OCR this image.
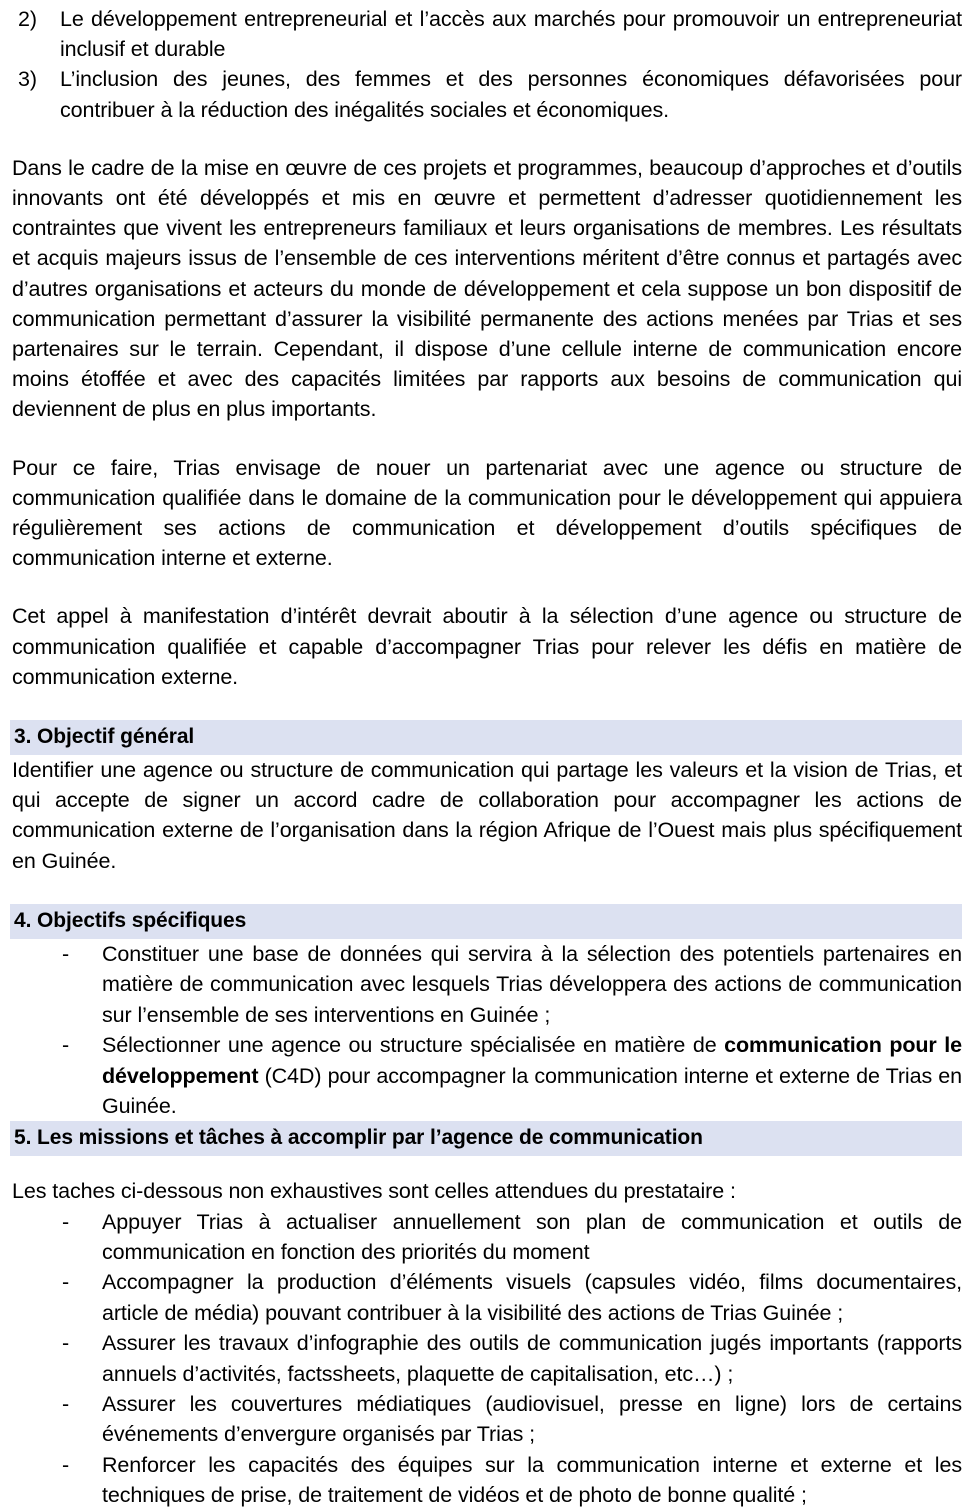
2)	Le développement entrepreneurial et l’accès aux marchés pour promouvoir un entrepreneuriat inclusif et durable
3)	L’inclusion des jeunes, des femmes et des personnes économiques défavorisées pour contribuer à la réduction des inégalités sociales et économiques.

Dans le cadre de la mise en œuvre de ces projets et programmes, beaucoup d’approches et d’outils innovants ont été développés et mis en œuvre et permettent d’adresser quotidiennement les contraintes que vivent les entrepreneurs familiaux et leurs organisations de membres. Les résultats et acquis majeurs issus de l’ensemble de ces interventions méritent d’être connus et partagés avec d’autres organisations et acteurs du monde de développement et cela suppose un bon dispositif de communication permettant d’assurer la visibilité permanente des actions menées par Trias et ses partenaires sur le terrain. Cependant, il dispose d’une cellule interne de communication encore moins étoffée et avec des capacités limitées par rapports aux besoins de communication qui deviennent de plus en plus importants.

Pour ce faire, Trias envisage de nouer un partenariat avec une agence ou structure de communication qualifiée dans le domaine de la communication pour le développement qui appuiera régulièrement ses actions de communication et développement d’outils spécifiques de communication interne et externe.

Cet appel à manifestation d’intérêt devrait aboutir à la sélection d’une agence ou structure de communication qualifiée et capable d’accompagner Trias pour relever les défis en matière de communication externe.

3. Objectif général

Identifier une agence ou structure de communication qui partage les valeurs et la vision de Trias, et qui accepte de signer un accord cadre de collaboration pour accompagner les actions de communication externe de l’organisation dans la région Afrique de l’Ouest mais plus spécifiquement en Guinée.

4. Objectifs spécifiques
- Constituer une base de données qui servira à la sélection des potentiels partenaires en matière de communication avec lesquels Trias développera des actions de communication sur l’ensemble de ses interventions en Guinée ;
- Sélectionner une agence ou structure spécialisée en matière de communication pour le développement (C4D) pour accompagner la communication interne et externe de Trias en Guinée.
5. Les missions et tâches à accomplir par l’agence de communication

Les taches ci-dessous non exhaustives sont celles attendues du prestataire :

- Appuyer Trias à actualiser annuellement son plan de communication et outils de communication en fonction des priorités du moment
- Accompagner la production d’éléments visuels (capsules vidéo, films documentaires, article de média) pouvant contribuer à la visibilité des actions de Trias Guinée ;
- Assurer les travaux d’infographie des outils de communication jugés importants (rapports annuels d’activités, factssheets, plaquette de capitalisation, etc…) ;
- Assurer les couvertures médiatiques (audiovisuel, presse en ligne) lors de certains événements d’envergure organisés par Trias ;
- Renforcer les capacités des équipes sur la communication interne et externe et les techniques de prise, de traitement de vidéos et de photo de bonne qualité ;
